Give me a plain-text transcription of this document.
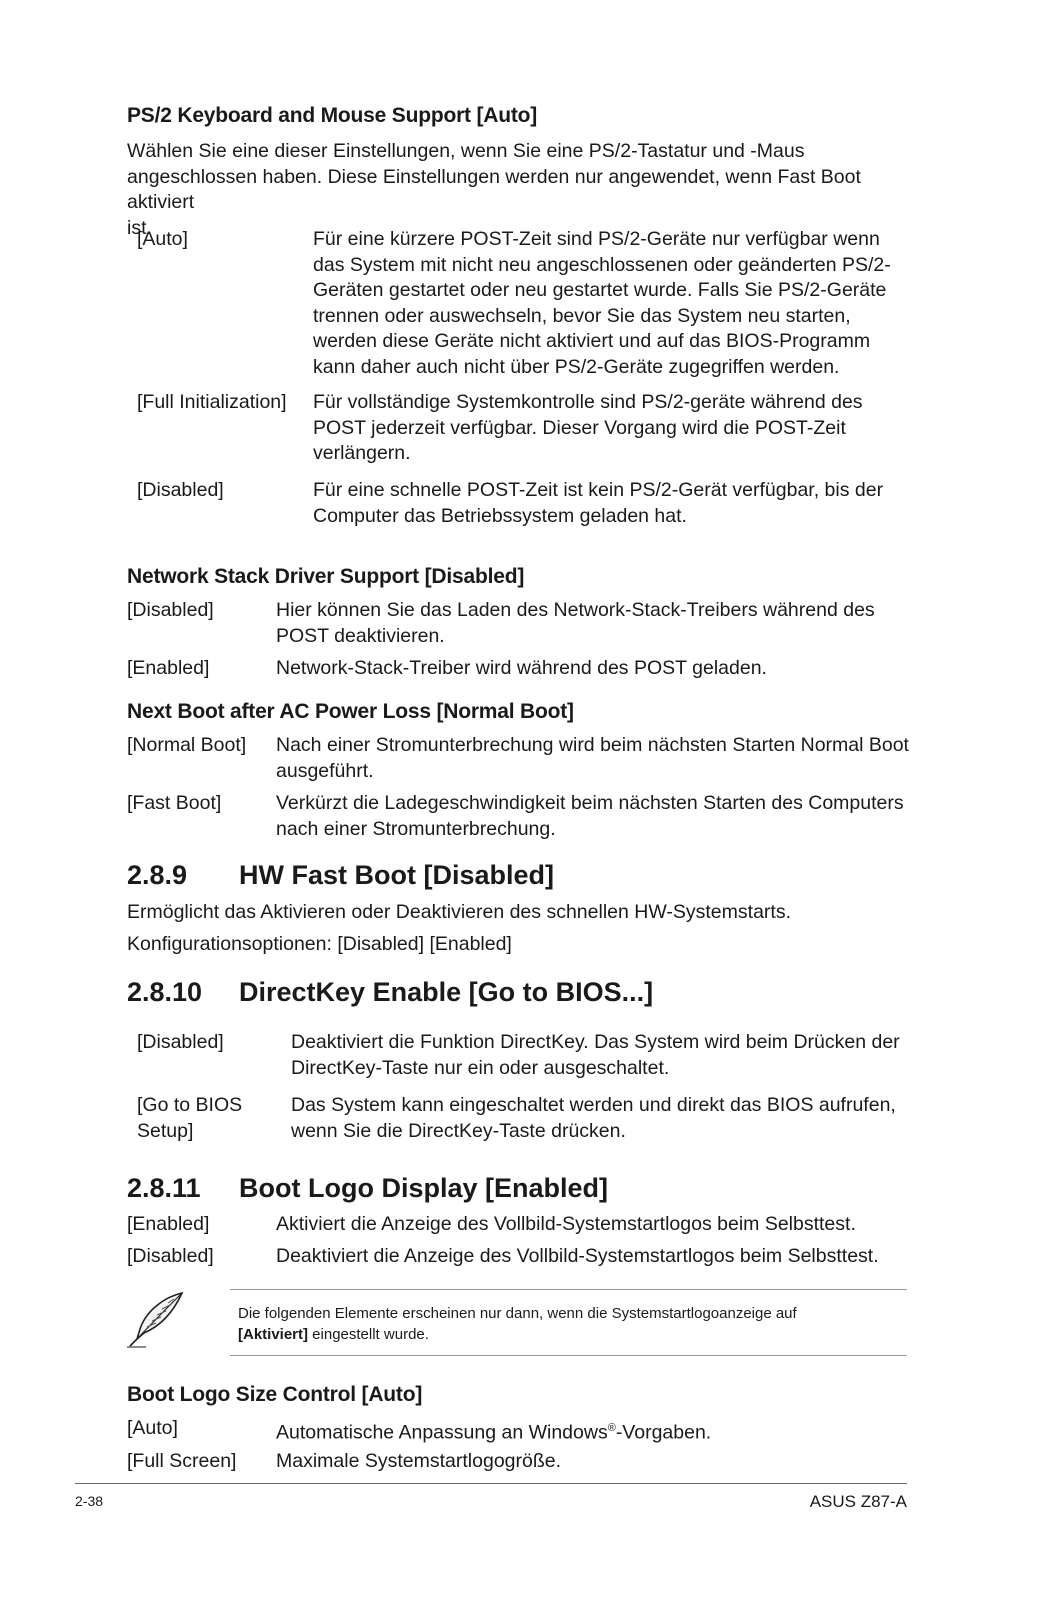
PS/2 Keyboard and Mouse Support [Auto]
Wählen Sie eine dieser Einstellungen, wenn Sie eine PS/2-Tastatur und -Maus
angeschlossen haben. Diese Einstellungen werden nur angewendet, wenn Fast Boot aktiviert
ist.
[Auto]	Für eine kürzere POST-Zeit sind PS/2-Geräte nur verfügbar wenn
das System mit nicht neu angeschlossenen oder geänderten PS/2-
Geräten gestartet oder neu gestartet wurde. Falls Sie PS/2-Geräte
trennen oder auswechseln, bevor Sie das System neu starten,
werden diese Geräte nicht aktiviert und auf das BIOS-Programm
kann daher auch nicht über PS/2-Geräte zugegriffen werden.
[Full Initialization] Für vollständige Systemkontrolle sind PS/2-geräte während des
POST jederzeit verfügbar. Dieser Vorgang wird die POST-Zeit
verlängern.
[Disabled]	Für eine schnelle POST-Zeit ist kein PS/2-Gerät verfügbar, bis der
Computer das Betriebssystem geladen hat.
Network Stack Driver Support [Disabled]
[Disabled]	Hier können Sie das Laden des Network-Stack-Treibers während des
POST deaktivieren.
[Enabled]	Network-Stack-Treiber wird während des POST geladen.
Next Boot after AC Power Loss [Normal Boot]
[Normal Boot] Nach einer Stromunterbrechung wird beim nächsten Starten Normal Boot
ausgeführt.
[Fast Boot]	Verkürzt die Ladegeschwindigkeit beim nächsten Starten des Computers
nach einer Stromunterbrechung.
2.8.9 HW Fast Boot [Disabled]
Ermöglicht das Aktivieren oder Deaktivieren des schnellen HW-Systemstarts.
Konfigurationsoptionen: [Disabled] [Enabled]
2.8.10 DirectKey Enable [Go to BIOS...]
[Disabled]	Deaktiviert die Funktion DirectKey. Das System wird beim Drücken der
DirectKey-Taste nur ein oder ausgeschaltet.
[Go to BIOS
Setup]
Das System kann eingeschaltet werden und direkt das BIOS aufrufen,
wenn Sie die DirectKey-Taste drücken.
2.8.11 Boot Logo Display [Enabled]
[Enabled]	Aktiviert die Anzeige des Vollbild-Systemstartlogos beim Selbsttest.
[Disabled]	Deaktiviert die Anzeige des Vollbild-Systemstartlogos beim Selbsttest.
Die folgenden Elemente erscheinen nur dann, wenn die Systemstartlogoanzeige auf
[Aktiviert] eingestellt wurde.
Boot Logo Size Control [Auto]
[Auto]	Automatische Anpassung an Windows®-Vorgaben.
[Full Screen] Maximale Systemstartlogogröße.
2-38	ASUS Z87-A
